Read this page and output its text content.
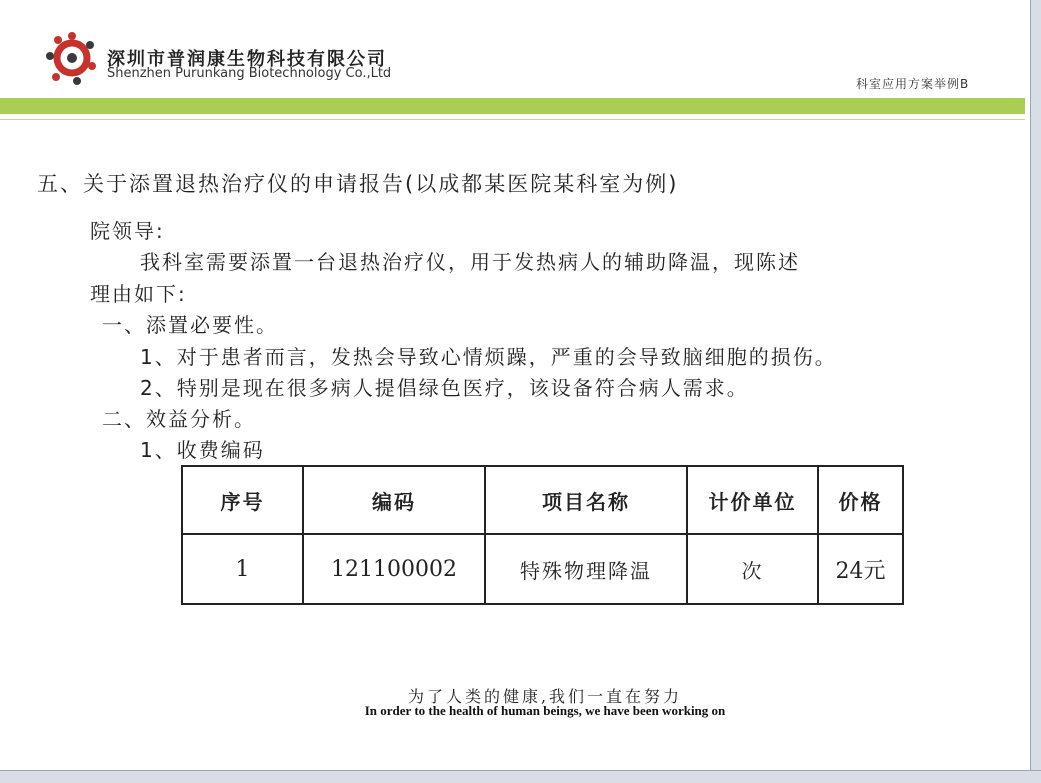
深圳市普润康生物科技有限公司
Shenzhen Purunkang Biotechnology Co.,Ltd
科室应用方案举例B
五、关于添置退热治疗仪的申请报告(以成都某医院某科室为例)
院领导:
我科室需要添置一台退热治疗仪，用于发热病人的辅助降温，现陈述
理由如下:
一、添置必要性。
1、对于患者而言，发热会导致心情烦躁，严重的会导致脑细胞的损伤。
2、特别是现在很多病人提倡绿色医疗，该设备符合病人需求。
二、效益分析。
1、收费编码
序号	编码	项目名称	计价单位	价格
1	121100002	特殊物理降温	次	24元
为了人类的健康,我们一直在努力
In order to the health of human beings, we have been working on
